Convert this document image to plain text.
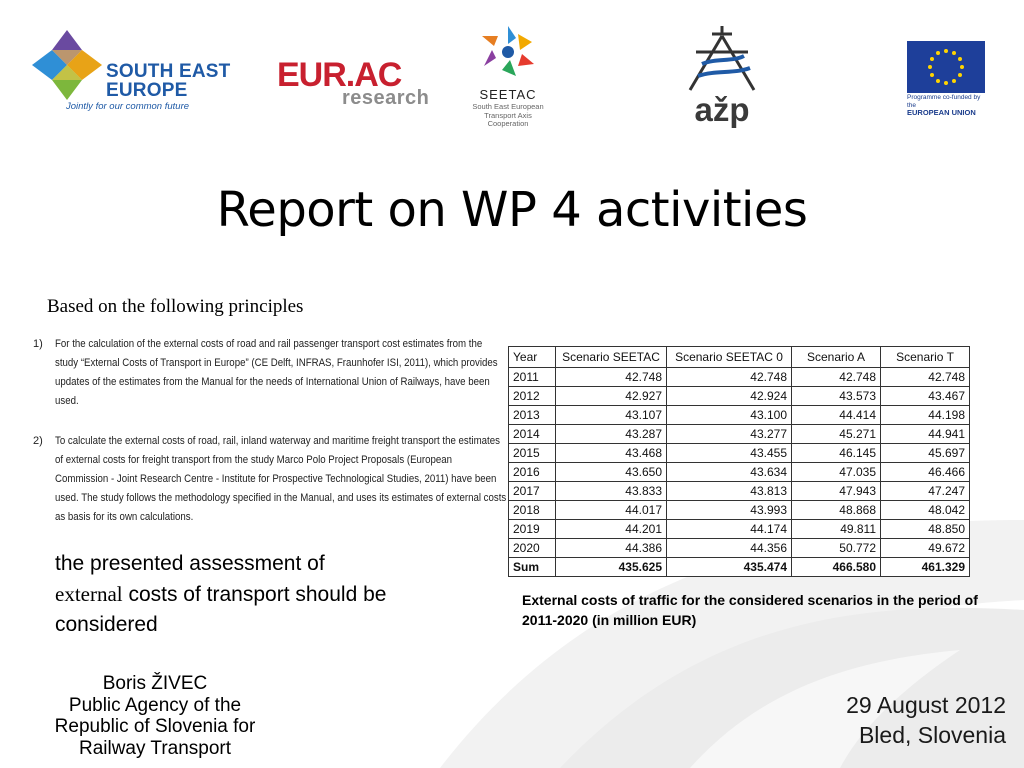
SOUTH EAST
EUROPE
Jointly for our common future
EUR.AC
research	SEETAC
South East European
Transport Axis Cooperation	ažp	Programme co-funded by the
EUROPEAN UNION
Report on WP 4 activities
Based on the following principles
1)	For the calculation of the external costs of road and rail passenger transport cost estimates from the study “External Costs of Transport in Europe” (CE Delft, INFRAS, Fraunhofer ISI, 2011), which provides updates of the estimates from the Manual for the needs of International Union of Railways, have been used.
2)	To calculate the external costs of road, rail, inland waterway and maritime freight transport the estimates of external costs for freight transport from the study Marco Polo Project Proposals (European Commission - Joint Research Centre - Institute for Prospective Technological Studies, 2011) have been used. The study follows the methodology specified in the Manual, and uses its estimates of external costs as basis for its own calculations.
the presented assessment of
external costs of transport should be considered
Year	Scenario SEETAC	Scenario SEETAC 0	Scenario A	Scenario T
2011	42.748	42.748	42.748	42.748
2012	42.927	42.924	43.573	43.467
2013	43.107	43.100	44.414	44.198
2014	43.287	43.277	45.271	44.941
2015	43.468	43.455	46.145	45.697
2016	43.650	43.634	47.035	46.466
2017	43.833	43.813	47.943	47.247
2018	44.017	43.993	48.868	48.042
2019	44.201	44.174	49.811	48.850
2020	44.386	44.356	50.772	49.672
Sum	435.625	435.474	466.580	461.329
External costs of traffic for the considered scenarios in the period of 2011-2020 (in million EUR)
Boris ŽIVEC
Public Agency of the
Republic of Slovenia for
Railway Transport
29 August 2012
Bled, Slovenia
